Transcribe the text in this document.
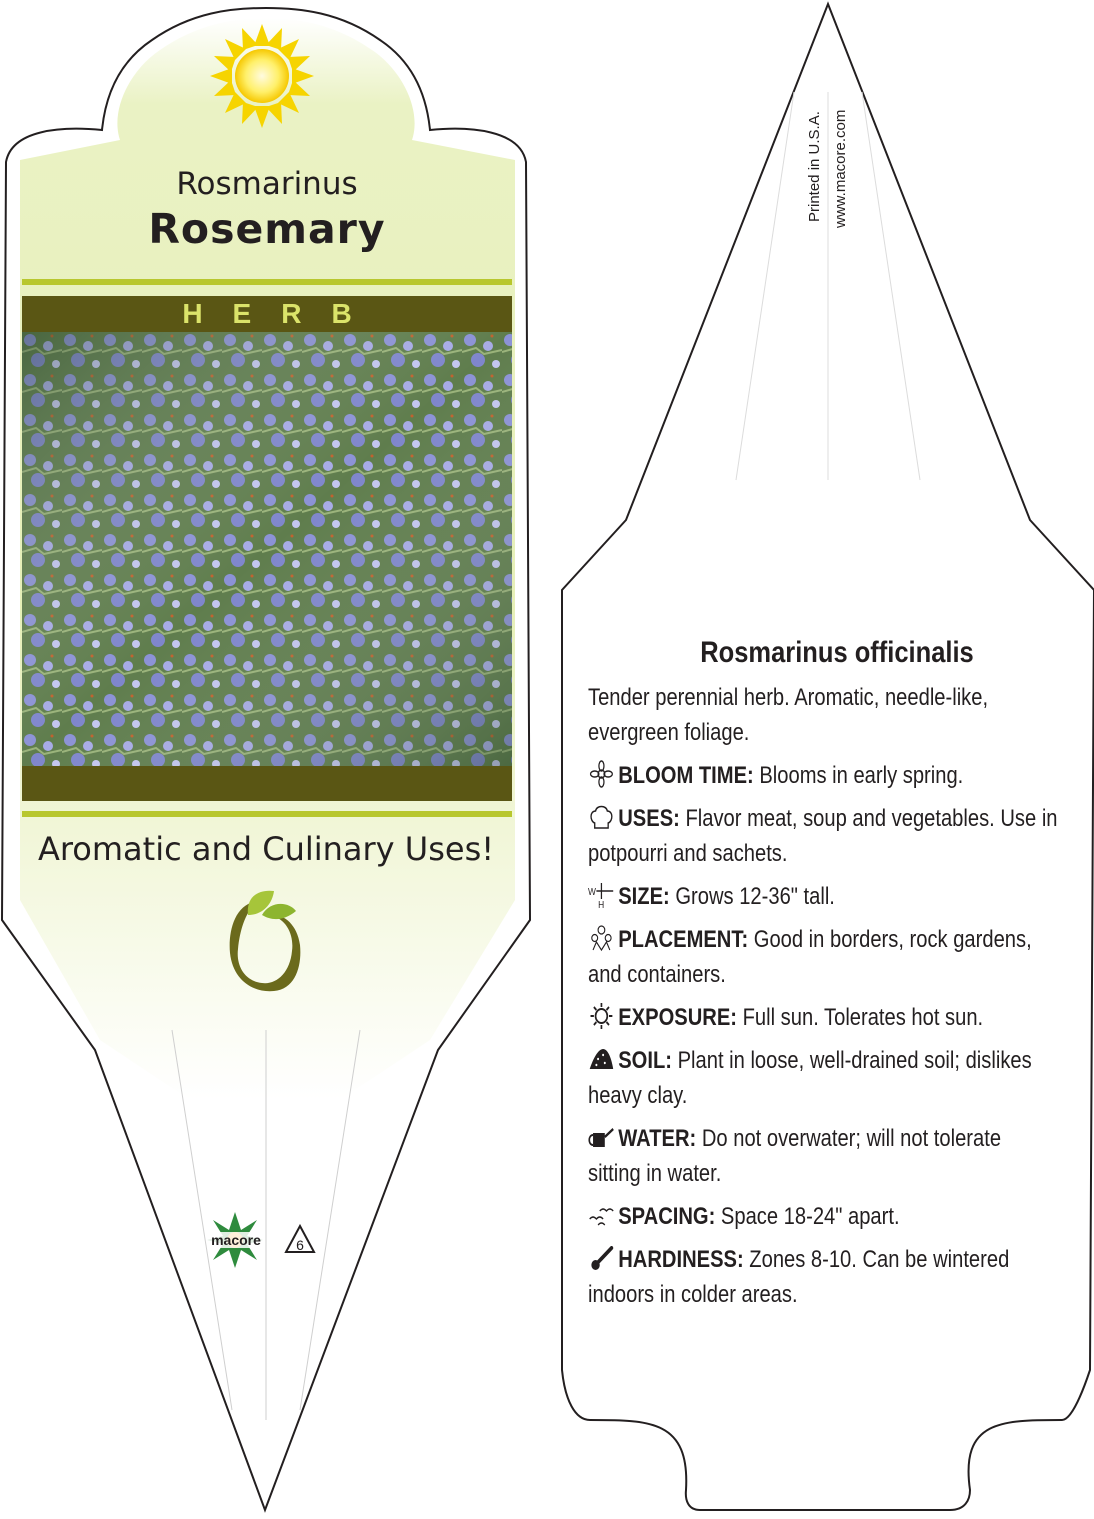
Rosmarinus
Rosemary
HERB
Aromatic and Culinary Uses!
macore	6
Printed in U.S.A. www.macore.com
Rosmarinus officinalis
Tender perennial herb. Aromatic, needle-like, evergreen foliage.
BLOOM TIME: Blooms in early spring.
USES: Flavor meat, soup and vegetables. Use in potpourri and sachets.
W
H SIZE: Grows 12-36" tall.
PLACEMENT: Good in borders, rock gardens, and containers.
EXPOSURE: Full sun. Tolerates hot sun.
SOIL: Plant in loose, well-drained soil; dislikes heavy clay.
WATER: Do not overwater; will not tolerate sitting in water.
SPACING: Space 18-24" apart.
HARDINESS: Zones 8-10. Can be wintered indoors in colder areas.
